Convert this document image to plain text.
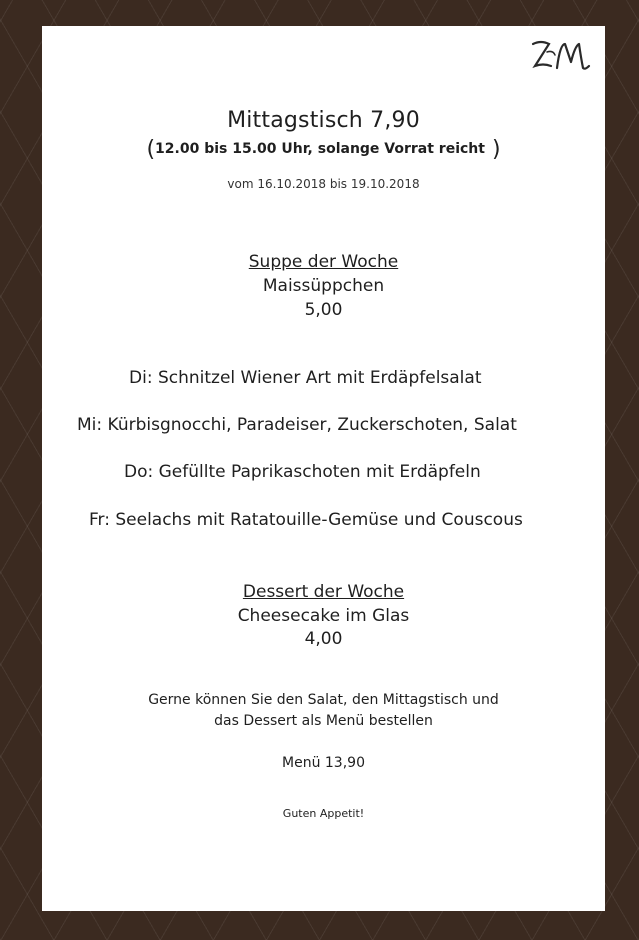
Mittagstisch 7,90
(12.00 bis 15.00 Uhr, solange Vorrat reicht )
vom 16.10.2018 bis 19.10.2018
Suppe der Woche
Maissüppchen
5,00
Di: Schnitzel Wiener Art mit Erdäpfelsalat
Mi: Kürbisgnocchi, Paradeiser, Zuckerschoten, Salat
Do: Gefüllte Paprikaschoten mit Erdäpfeln
Fr: Seelachs mit Ratatouille-Gemüse und Couscous
Dessert der Woche
Cheesecake im Glas
4,00
Gerne können Sie den Salat, den Mittagstisch und
das Dessert als Menü bestellen
Menü 13,90
Guten Appetit!
